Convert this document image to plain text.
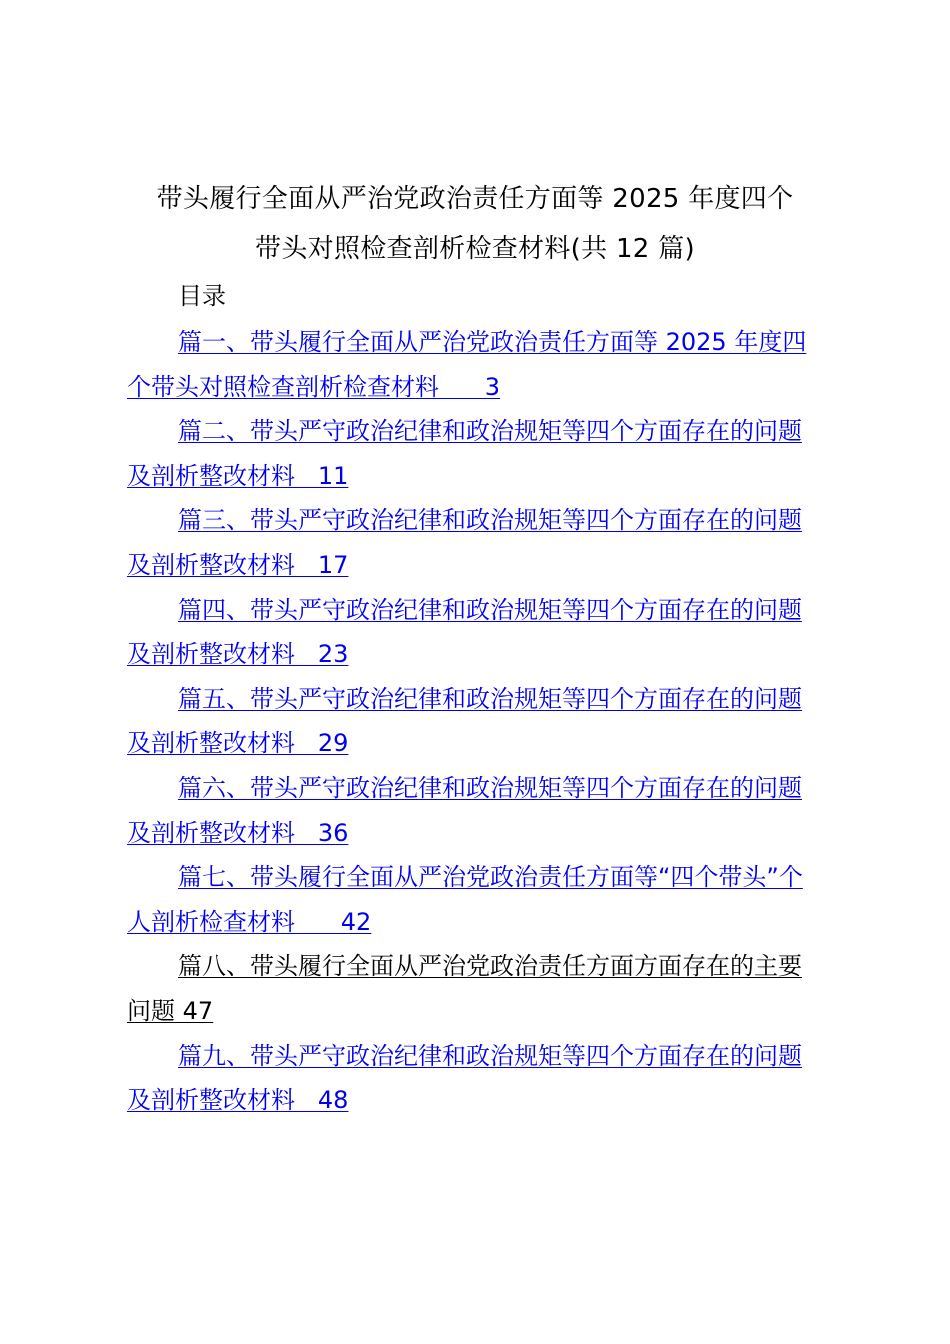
带头履行全面从严治党政治责任方面等 2025 年度四个
带头对照检查剖析检查材料(共 12 篇)
目录
篇一、带头履行全面从严治党政治责任方面等 2025 年度四个带头对照检查剖析检查材料      3
篇二、带头严守政治纪律和政治规矩等四个方面存在的问题及剖析整改材料   11
篇三、带头严守政治纪律和政治规矩等四个方面存在的问题及剖析整改材料   17
篇四、带头严守政治纪律和政治规矩等四个方面存在的问题及剖析整改材料   23
篇五、带头严守政治纪律和政治规矩等四个方面存在的问题及剖析整改材料   29
篇六、带头严守政治纪律和政治规矩等四个方面存在的问题及剖析整改材料   36
篇七、带头履行全面从严治党政治责任方面等“四个带头”个人剖析检查材料      42
篇八、带头履行全面从严治党政治责任方面方面存在的主要问题 47
篇九、带头严守政治纪律和政治规矩等四个方面存在的问题及剖析整改材料   48
